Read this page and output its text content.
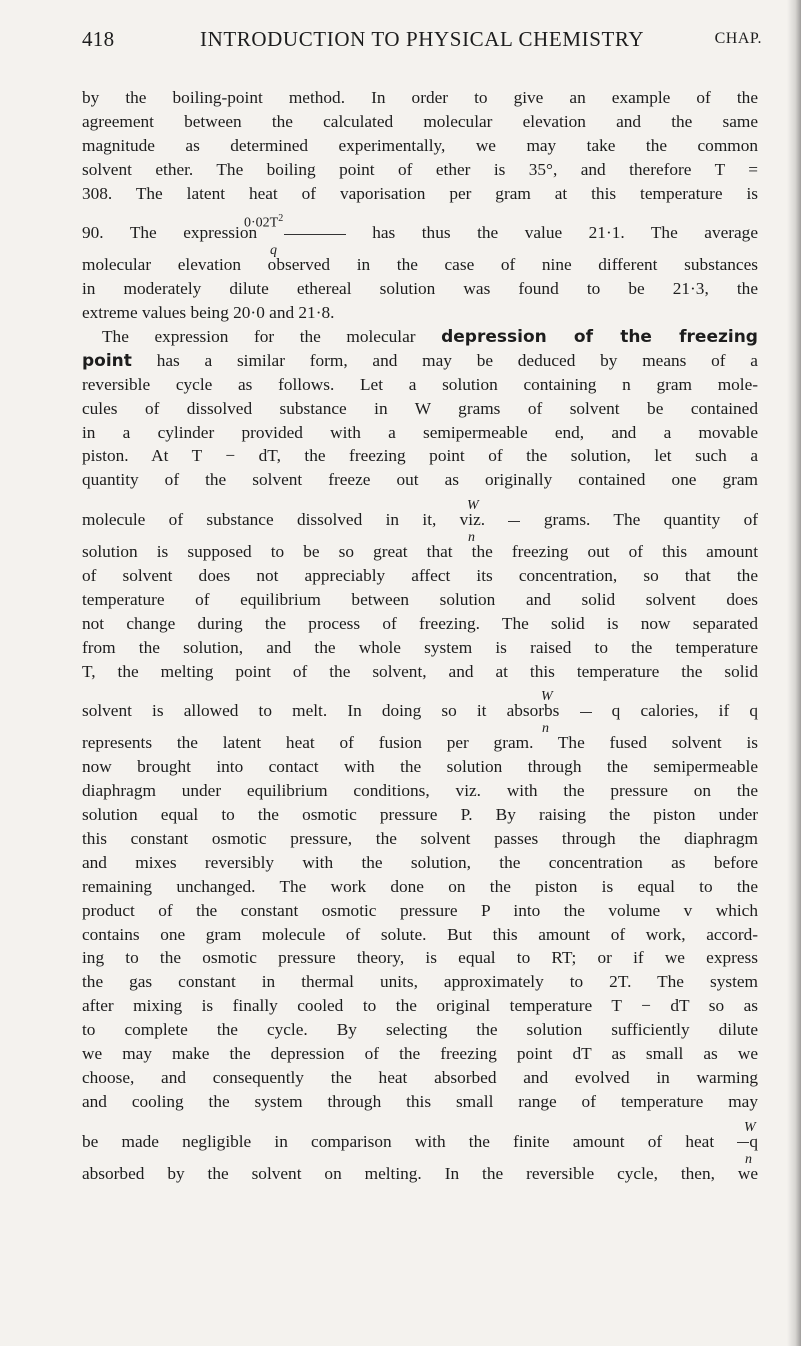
418	INTRODUCTION TO PHYSICAL CHEMISTRY	CHAP.
by the boiling-point method. In order to give an example of the
agreement between the calculated molecular elevation and the same
magnitude as determined experimentally, we may take the common
solvent ether. The boiling point of ether is 35°, and therefore T =
308. The latent heat of vaporisation per gram at this temperature is
$0\cdot 02T^2$
90. The expression	has thus the value 21·1. The average
q
molecular elevation observed in the case of nine different substances
in moderately dilute ethereal solution was found to be 21·3, the
extreme values being 20·0 and 21·8.
The expression for the molecular depression of the freezing
point has a similar form, and may be deduced by means of a
reversible cycle as follows. Let a solution containing n gram mole-
cules of dissolved substance in W grams of solvent be contained
in a cylinder provided with a semipermeable end, and a movable
piston. At T − dT, the freezing point of the solution, let such a
quantity of the solvent freeze out as originally contained one gram
W
molecule of substance dissolved in it, viz.	grams. The quantity of
n
solution is supposed to be so great that the freezing out of this amount
of solvent does not appreciably affect its concentration, so that the
temperature of equilibrium between solution and solid solvent does
not change during the process of freezing. The solid is now separated
from the solution, and the whole system is raised to the temperature
T, the melting point of the solvent, and at this temperature the solid
W
solvent is allowed to melt. In doing so it absorbs	q calories, if q
n
represents the latent heat of fusion per gram. The fused solvent is
now brought into contact with the solution through the semipermeable
diaphragm under equilibrium conditions, viz. with the pressure on the
solution equal to the osmotic pressure P. By raising the piston under
this constant osmotic pressure, the solvent passes through the diaphragm
and mixes reversibly with the solution, the concentration as before
remaining unchanged. The work done on the piston is equal to the
product of the constant osmotic pressure P into the volume v which
contains one gram molecule of solute. But this amount of work, accord-
ing to the osmotic pressure theory, is equal to RT; or if we express
the gas constant in thermal units, approximately to 2T. The system
after mixing is finally cooled to the original temperature T − dT so as
to complete the cycle. By selecting the solution sufficiently dilute
we may make the depression of the freezing point dT as small as we
choose, and consequently the heat absorbed and evolved in warming
and cooling the system through this small range of temperature may
W
be made negligible in comparison with the finite amount of heat q
n
absorbed by the solvent on melting. In the reversible cycle, then, we
